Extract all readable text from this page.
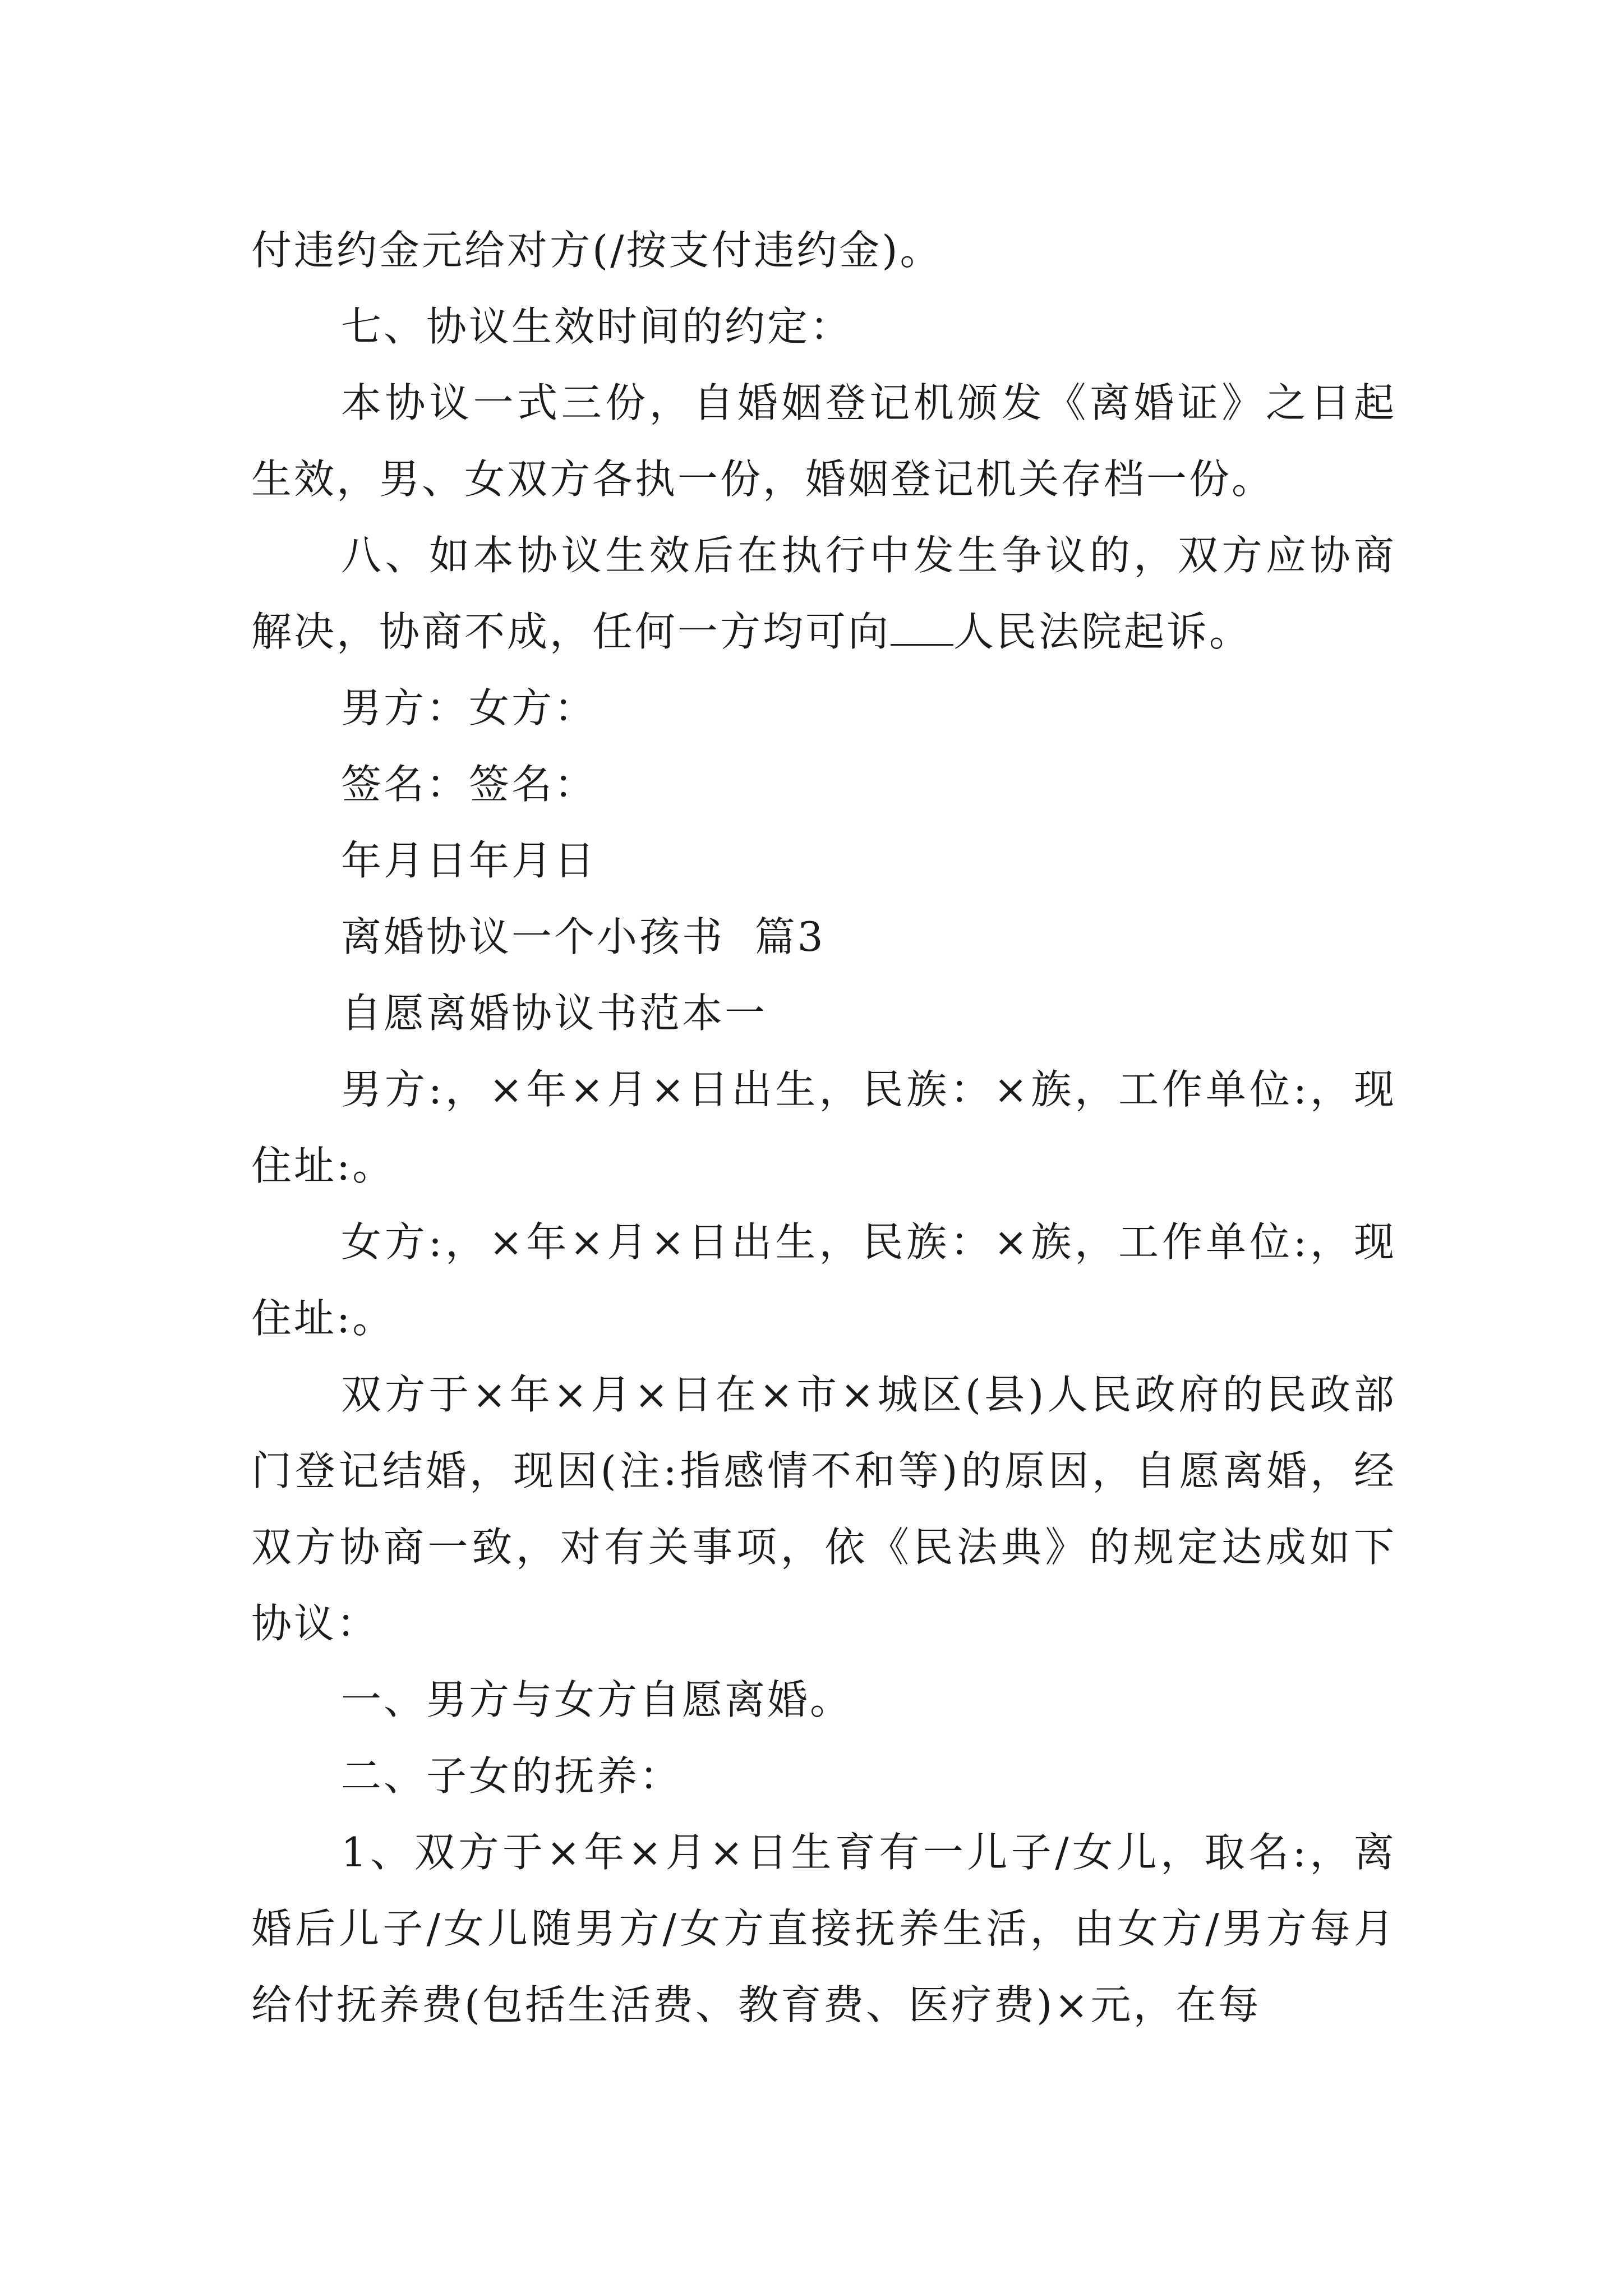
付违约金元给对方(/按支付违约金)。

七、协议生效时间的约定：

本协议一式三份，自婚姻登记机颁发《离婚证》之日起生效，男、女双方各执一份，婚姻登记机关存档一份。

八、如本协议生效后在执行中发生争议的，双方应协商解决，协商不成，任何一方均可向 人民法院起诉。

男方：女方：

签名：签名：

年月日年月日

离婚协议一个小孩书  篇3

自愿离婚协议书范本一

男方:，×年×月×日出生，民族：×族，工作单位:，现住址:。

女方:，×年×月×日出生，民族：×族，工作单位:，现住址:。

双方于×年×月×日在×市×城区(县)人民政府的民政部门登记结婚，现因(注:指感情不和等)的原因，自愿离婚，经双方协商一致，对有关事项，依《民法典》的规定达成如下协议：

一、男方与女方自愿离婚。

二、子女的抚养：

1、双方于×年×月×日生育有一儿子/女儿，取名:，离婚后儿子/女儿随男方/女方直接抚养生活，由女方/男方每月给付抚养费(包括生活费、教育费、医疗费)×元，在每
